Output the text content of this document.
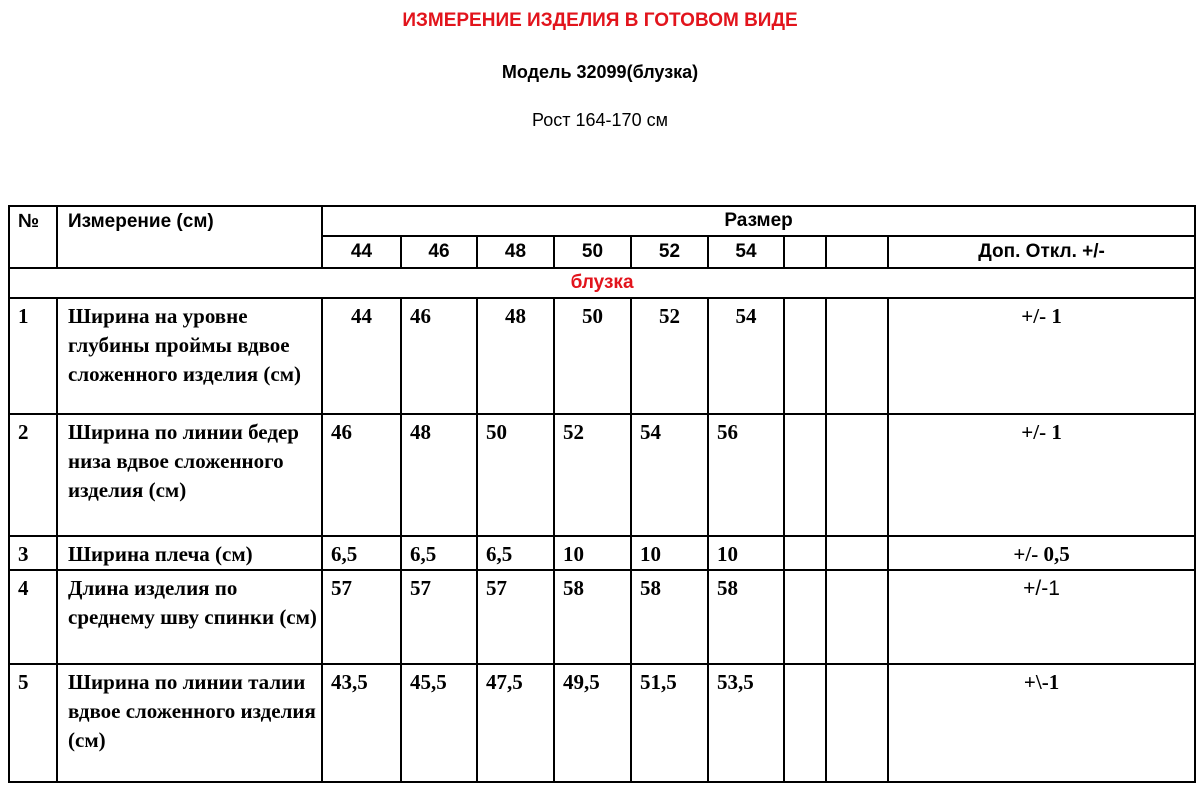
ИЗМЕРЕНИЕ ИЗДЕЛИЯ В ГОТОВОМ ВИДЕ
Модель 32099(блузка)
Рост 164-170 см
№	Измерение (см)	Размер								
		44	46	48	50	52	54			Доп. Откл. +/-
блузка										
1	Ширина на уровне глубины проймы вдвое сложенного изделия (см)	44	46	48	50	52	54			+/- 1
2	Ширина по линии бедер низа вдвое сложенного изделия (см)	46	48	50	52	54	56			+/- 1
3	Ширина плеча (см)	6,5	6,5	6,5	10	10	10			+/- 0,5
4	Длина изделия по среднему шву спинки (см)	57	57	57	58	58	58			+/-1
5	Ширина по линии талии вдвое сложенного изделия (см)	43,5	45,5	47,5	49,5	51,5	53,5			+\-1
